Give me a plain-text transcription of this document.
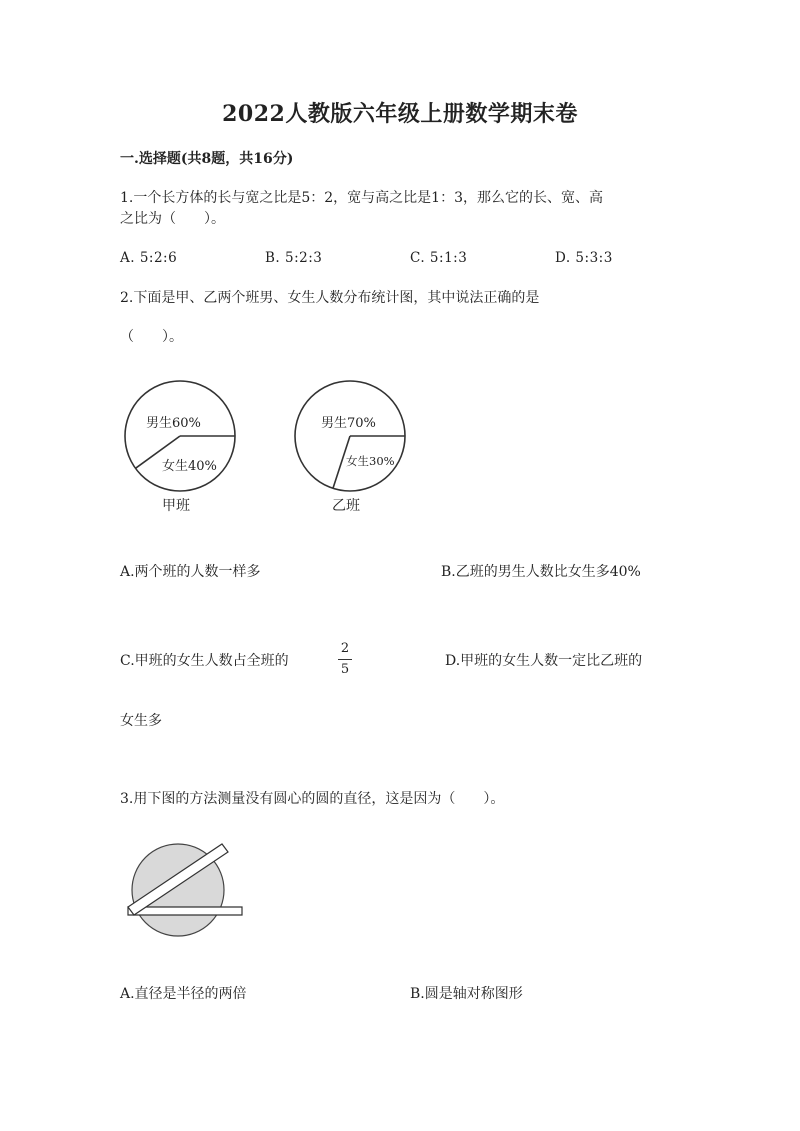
2022人教版六年级上册数学期末卷
一.选择题(共8题，共16分)
1.一个长方体的长与宽之比是5：2，宽与高之比是1：3，那么它的长、宽、高
之比为（　　）。
A. 5:2:6	B. 5:2:3	C. 5:1:3	D. 5:3:3
2.下面是甲、乙两个班男、女生人数分布统计图，其中说法正确的是
（　　）。
男生60%
女生40%
甲班
男生70%
女生30%
乙班
A.两个班的人数一样多	B.乙班的男生人数比女生多40%
C.甲班的女生人数占全班的
2
5
D.甲班的女生人数一定比乙班的
女生多
3.用下图的方法测量没有圆心的圆的直径，这是因为（　　）。
A.直径是半径的两倍	B.圆是轴对称图形
